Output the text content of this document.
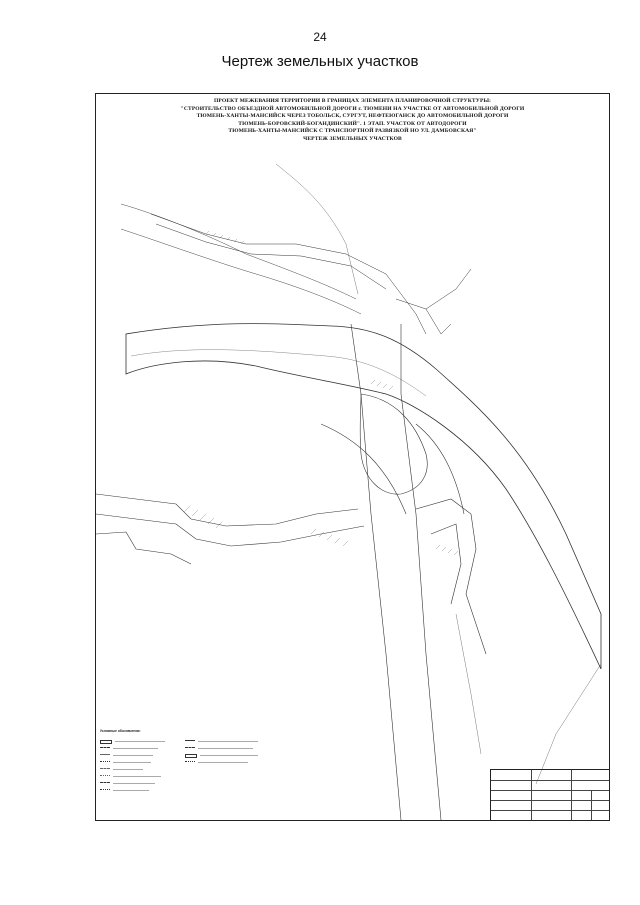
24
Чертеж земельных участков
ПРОЕКТ МЕЖЕВАНИЯ ТЕРРИТОРИИ В ГРАНИЦАХ ЭЛЕМЕНТА ПЛАНИРОВОЧНОЙ СТРУКТУРЫ:
"СТРОИТЕЛЬСТВО ОБЪЕЗДНОЙ АВТОМОБИЛЬНОЙ ДОРОГИ г. ТЮМЕНИ НА УЧАСТКЕ ОТ АВТОМОБИЛЬНОЙ ДОРОГИ
ТЮМЕНЬ-ХАНТЫ-МАНСИЙСК ЧЕРЕЗ ТОБОЛЬСК, СУРГУТ, НЕФТЕЮГАНСК ДО АВТОМОБИЛЬНОЙ ДОРОГИ
ТЮМЕНЬ-БОРОВСКИЙ-БОГАНДИНСКИЙ". 1 ЭТАП. УЧАСТОК ОТ АВТОДОРОГИ
ТЮМЕНЬ-ХАНТЫ-МАНСИЙСК С ТРАНСПОРТНОЙ РАЗВЯЗКОЙ НО УЛ. ДАМБОВСКАЯ"
ЧЕРТЕЖ ЗЕМЕЛЬНЫХ УЧАСТКОВ
Условные обозначения:
